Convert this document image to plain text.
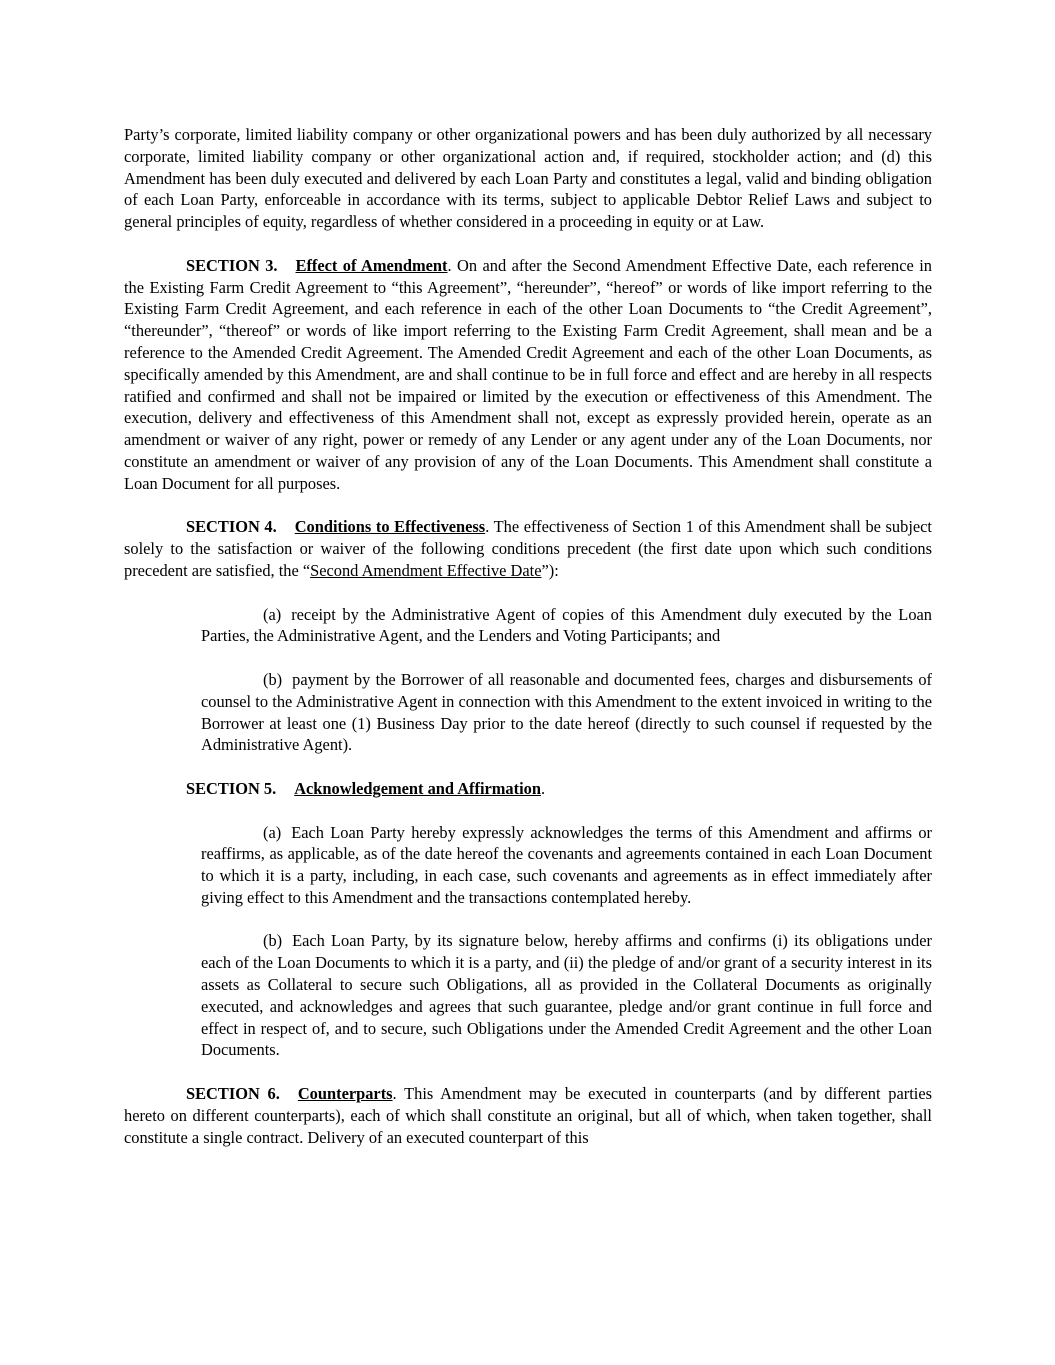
Party’s corporate, limited liability company or other organizational powers and has been duly authorized by all necessary corporate, limited liability company or other organizational action and, if required, stockholder action; and (d) this Amendment has been duly executed and delivered by each Loan Party and constitutes a legal, valid and binding obligation of each Loan Party, enforceable in accordance with its terms, subject to applicable Debtor Relief Laws and subject to general principles of equity, regardless of whether considered in a proceeding in equity or at Law.

SECTION 3. Effect of Amendment. On and after the Second Amendment Effective Date, each reference in the Existing Farm Credit Agreement to “this Agreement”, “hereunder”, “hereof” or words of like import referring to the Existing Farm Credit Agreement, and each reference in each of the other Loan Documents to “the Credit Agreement”, “thereunder”, “thereof” or words of like import referring to the Existing Farm Credit Agreement, shall mean and be a reference to the Amended Credit Agreement. The Amended Credit Agreement and each of the other Loan Documents, as specifically amended by this Amendment, are and shall continue to be in full force and effect and are hereby in all respects ratified and confirmed and shall not be impaired or limited by the execution or effectiveness of this Amendment. The execution, delivery and effectiveness of this Amendment shall not, except as expressly provided herein, operate as an amendment or waiver of any right, power or remedy of any Lender or any agent under any of the Loan Documents, nor constitute an amendment or waiver of any provision of any of the Loan Documents. This Amendment shall constitute a Loan Document for all purposes.

SECTION 4. Conditions to Effectiveness. The effectiveness of Section 1 of this Amendment shall be subject solely to the satisfaction or waiver of the following conditions precedent (the first date upon which such conditions precedent are satisfied, the “Second Amendment Effective Date”):

(a) receipt by the Administrative Agent of copies of this Amendment duly executed by the Loan Parties, the Administrative Agent, and the Lenders and Voting Participants; and

(b) payment by the Borrower of all reasonable and documented fees, charges and disbursements of counsel to the Administrative Agent in connection with this Amendment to the extent invoiced in writing to the Borrower at least one (1) Business Day prior to the date hereof (directly to such counsel if requested by the Administrative Agent).

SECTION 5. Acknowledgement and Affirmation.

(a) Each Loan Party hereby expressly acknowledges the terms of this Amendment and affirms or reaffirms, as applicable, as of the date hereof the covenants and agreements contained in each Loan Document to which it is a party, including, in each case, such covenants and agreements as in effect immediately after giving effect to this Amendment and the transactions contemplated hereby.

(b) Each Loan Party, by its signature below, hereby affirms and confirms (i) its obligations under each of the Loan Documents to which it is a party, and (ii) the pledge of and/or grant of a security interest in its assets as Collateral to secure such Obligations, all as provided in the Collateral Documents as originally executed, and acknowledges and agrees that such guarantee, pledge and/or grant continue in full force and effect in respect of, and to secure, such Obligations under the Amended Credit Agreement and the other Loan Documents.

SECTION 6. Counterparts. This Amendment may be executed in counterparts (and by different parties hereto on different counterparts), each of which shall constitute an original, but all of which, when taken together, shall constitute a single contract. Delivery of an executed counterpart of this
